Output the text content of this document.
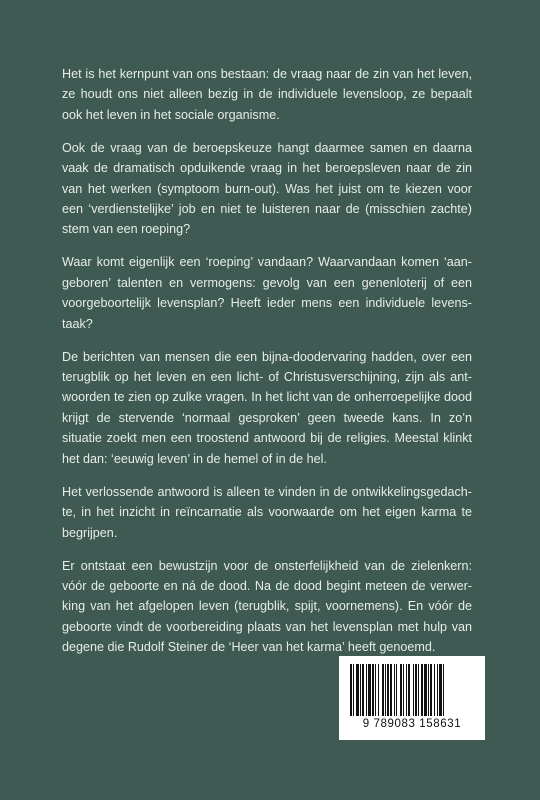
Het is het kernpunt van ons bestaan: de vraag naar de zin van het leven, ze houdt ons niet alleen bezig in de individuele levensloop, ze bepaalt ook het leven in het sociale organisme.

Ook de vraag van de beroepskeuze hangt daarmee samen en daarna vaak de dramatisch opduikende vraag in het beroepsleven naar de zin van het werken (symptoom burn-out). Was het juist om te kiezen voor een ‘verdienstelijke’ job en niet te luisteren naar de (misschien zachte) stem van een roeping?

Waar komt eigenlijk een ‘roeping’ vandaan? Waarvandaan komen ‘aangeboren’ talenten en vermogens: gevolg van een genenloterij of een voorgeboortelijk levensplan? Heeft ieder mens een individuele levenstaak?

De berichten van mensen die een bijna-doodervaring hadden, over een terugblik op het leven en een licht- of Christusverschijning, zijn als antwoorden te zien op zulke vragen. In het licht van de onherroepelijke dood krijgt de stervende ‘normaal gesproken’ geen tweede kans. In zo’n situatie zoekt men een troostend antwoord bij de religies. Meestal klinkt het dan: ‘eeuwig leven’ in de hemel of in de hel.

Het verlossende antwoord is alleen te vinden in de ontwikkelingsgedachte, in het inzicht in reïncarnatie als voorwaarde om het eigen karma te begrijpen.

Er ontstaat een bewustzijn voor de onsterfelijkheid van de zielenkern: vóór de geboorte en ná de dood. Na de dood begint meteen de verwerking van het afgelopen leven (terugblik, spijt, voornemens). En vóór de geboorte vindt de voorbereiding plaats van het levensplan met hulp van degene die Rudolf Steiner de ‘Heer van het karma’ heeft genoemd.

9 789083 158631
